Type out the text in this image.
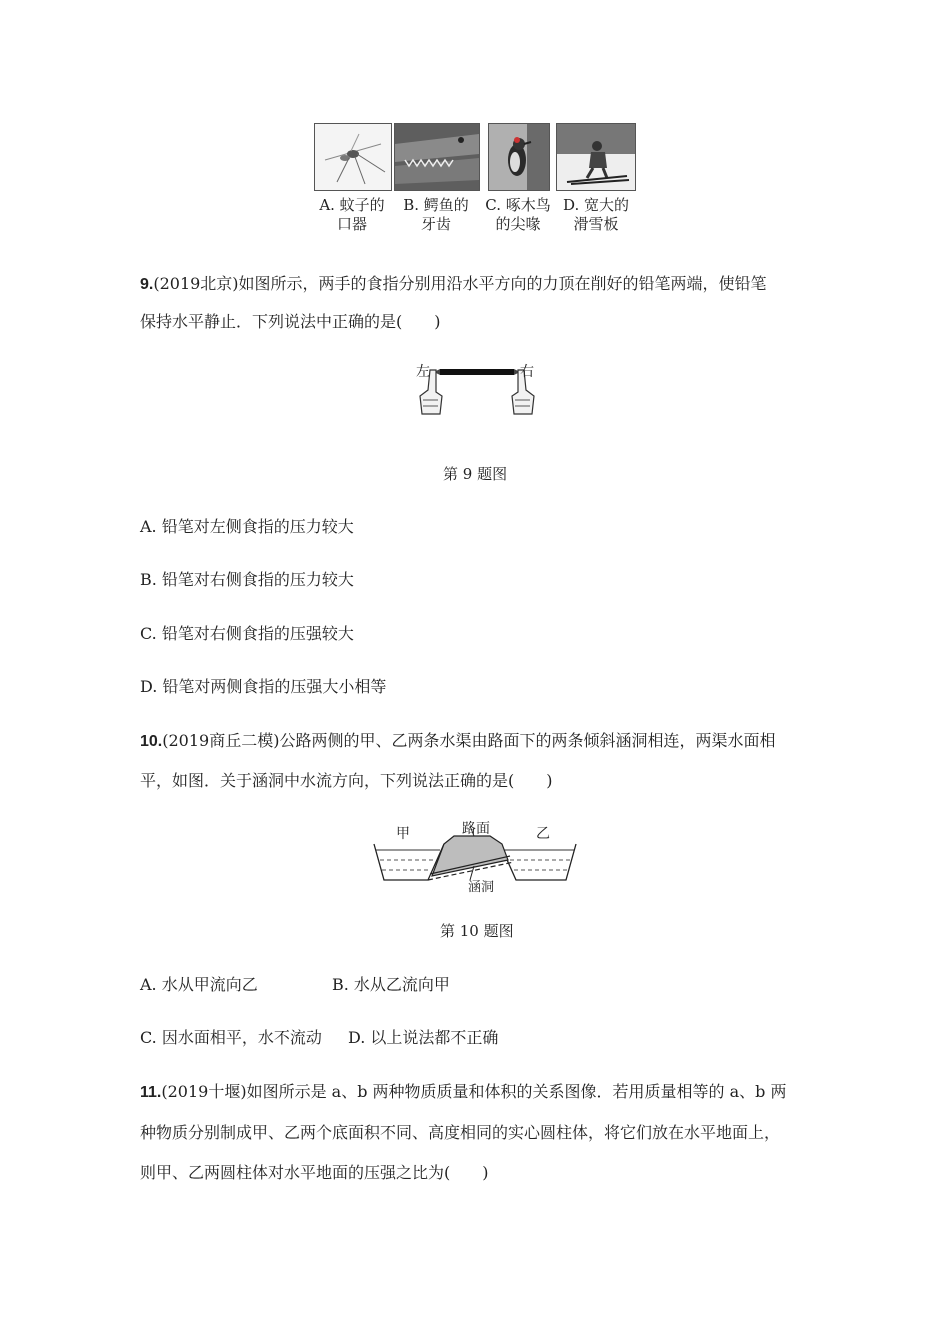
A. 蚊子的
口器
B. 鳄鱼的
牙齿
C. 啄木鸟
的尖喙
D. 宽大的
滑雪板
9.(2019北京)如图所示，两手的食指分别用沿水平方向的力顶在削好的铅笔两端，使铅笔
保持水平静止．下列说法中正确的是(　　)
左	右
第 9 题图
A. 铅笔对左侧食指的压力较大
B. 铅笔对右侧食指的压力较大
C. 铅笔对右侧食指的压强较大
D. 铅笔对两侧食指的压强大小相等
10.(2019商丘二模)公路两侧的甲、乙两条水渠由路面下的两条倾斜涵洞相连，两渠水面相
平，如图．关于涵洞中水流方向，下列说法正确的是(　　)
甲	路面	乙
涵洞
第 10 题图
A. 水从甲流向乙	B. 水从乙流向甲
C. 因水面相平，水不流动 D. 以上说法都不正确
11.(2019十堰)如图所示是 a、b 两种物质质量和体积的关系图像．若用质量相等的 a、b 两
种物质分别制成甲、乙两个底面积不同、高度相同的实心圆柱体，将它们放在水平地面上，
则甲、乙两圆柱体对水平地面的压强之比为(　　)
